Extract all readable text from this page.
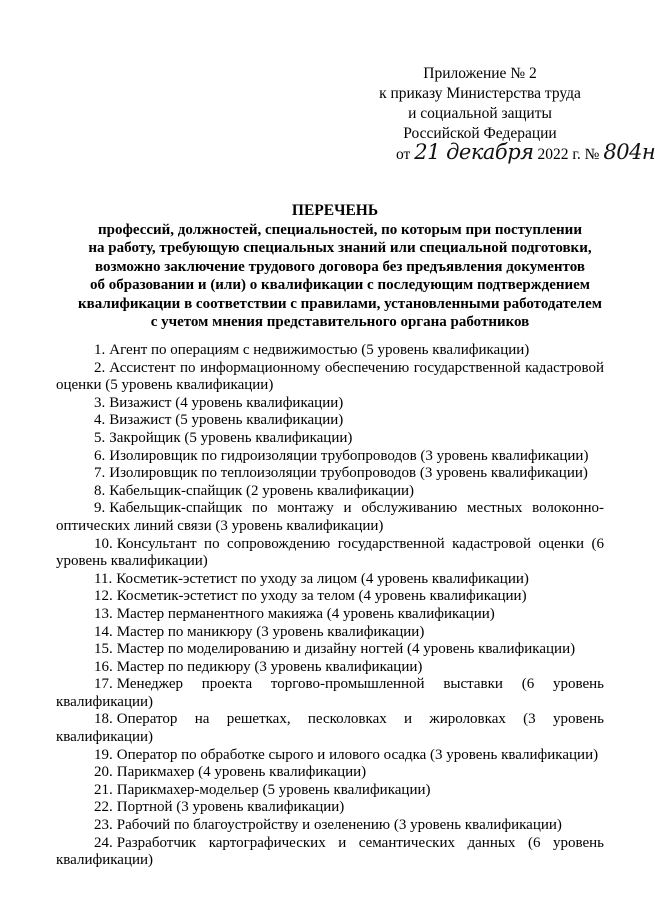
Приложение № 2
к приказу Министерства труда
и социальной защиты
Российской Федерации
от 21 декабря 2022 г. № 804н
ПЕРЕЧЕНЬ
профессий, должностей, специальностей, по которым при поступлении
на работу, требующую специальных знаний или специальной подготовки,
возможно заключение трудового договора без предъявления документов
об образовании и (или) о квалификации с последующим подтверждением
квалификации в соответствии с правилами, установленными работодателем
с учетом мнения представительного органа работников

1. Агент по операциям с недвижимостью (5 уровень квалификации)

2. Ассистент по информационному обеспечению государственной кадастровой оценки (5 уровень квалификации)

3. Визажист (4 уровень квалификации)

4. Визажист (5 уровень квалификации)

5. Закройщик (5 уровень квалификации)

6. Изолировщик по гидроизоляции трубопроводов (3 уровень квалификации)

7. Изолировщик по теплоизоляции трубопроводов (3 уровень квалификации)

8. Кабельщик-спайщик (2 уровень квалификации)

9. Кабельщик-спайщик по монтажу и обслуживанию местных волоконно-оптических линий связи (3 уровень квалификации)

10. Консультант по сопровождению государственной кадастровой оценки (6 уровень квалификации)

11. Косметик-эстетист по уходу за лицом (4 уровень квалификации)

12. Косметик-эстетист по уходу за телом (4 уровень квалификации)

13. Мастер перманентного макияжа (4 уровень квалификации)

14. Мастер по маникюру (3 уровень квалификации)

15. Мастер по моделированию и дизайну ногтей (4 уровень квалификации)

16. Мастер по педикюру (3 уровень квалификации)

17. Менеджер проекта торгово-промышленной выставки (6 уровень квалификации)

18. Оператор на решетках, песколовках и жироловках (3 уровень квалификации)

19. Оператор по обработке сырого и илового осадка (3 уровень квалификации)

20. Парикмахер (4 уровень квалификации)

21. Парикмахер-модельер (5 уровень квалификации)

22. Портной (3 уровень квалификации)

23. Рабочий по благоустройству и озеленению (3 уровень квалификации)

24. Разработчик картографических и семантических данных (6 уровень квалификации)
